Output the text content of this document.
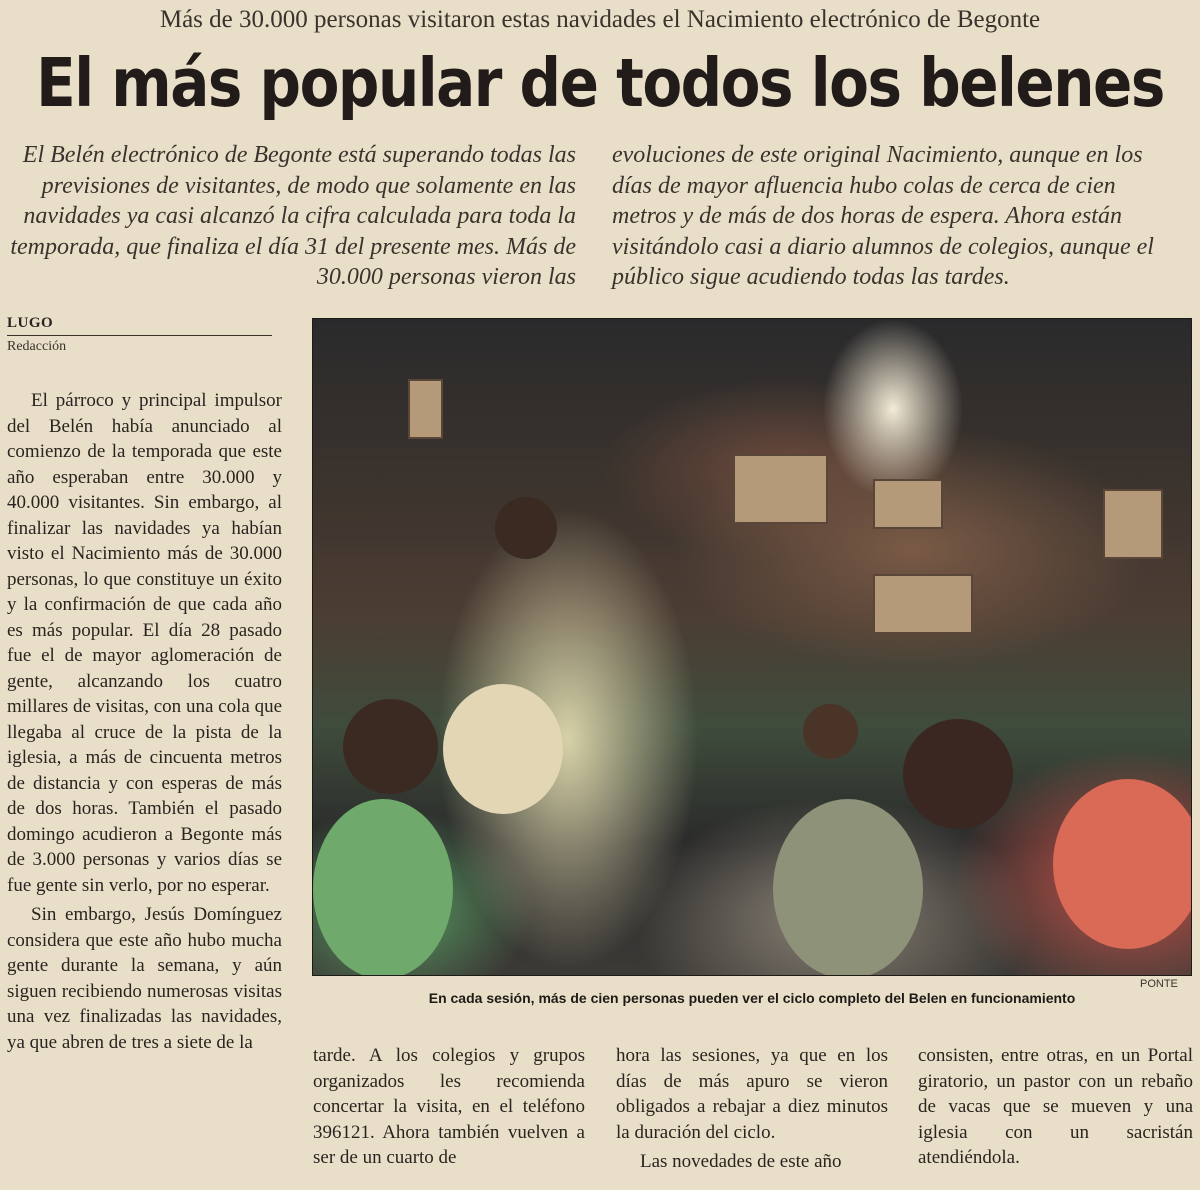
Más de 30.000 personas visitaron estas navidades el Nacimiento electrónico de Begonte
El más popular de todos los belenes
El Belén electrónico de Begonte está superando todas las previsiones de visitantes, de modo que solamente en las navidades ya casi alcanzó la cifra calculada para toda la temporada, que finaliza el día 31 del presente mes. Más de 30.000 personas vieron las
evoluciones de este original Nacimiento, aunque en los días de mayor afluencia hubo colas de cerca de cien metros y de más de dos horas de espera. Ahora están visitándolo casi a diario alumnos de colegios, aunque el público sigue acudiendo todas las tardes.
LUGO
Redacción

El párroco y principal impulsor del Belén había anunciado al comienzo de la temporada que este año esperaban entre 30.000 y 40.000 visitantes. Sin embargo, al finalizar las navidades ya habían visto el Nacimiento más de 30.000 personas, lo que constituye un éxito y la confirmación de que cada año es más popular. El día 28 pasado fue el de mayor aglomeración de gente, alcanzando los cuatro millares de visitas, con una cola que llegaba al cruce de la pista de la iglesia, a más de cincuenta metros de distancia y con esperas de más de dos horas. También el pasado domingo acudieron a Begonte más de 3.000 personas y varios días se fue gente sin verlo, por no esperar.

Sin embargo, Jesús Domínguez considera que este año hubo mucha gente durante la semana, y aún siguen recibiendo numerosas visitas una vez finalizadas las navidades, ya que abren de tres a siete de la

PONTE
En cada sesión, más de cien personas pueden ver el ciclo completo del Belen en funcionamiento

tarde. A los colegios y grupos organizados les recomienda concertar la visita, en el teléfono 396121. Ahora también vuelven a ser de un cuarto de

hora las sesiones, ya que en los días de más apuro se vieron obligados a rebajar a diez minutos la duración del ciclo.

Las novedades de este año

consisten, entre otras, en un Portal giratorio, un pastor con un rebaño de vacas que se mueven y una iglesia con un sacristán atendiéndola.
